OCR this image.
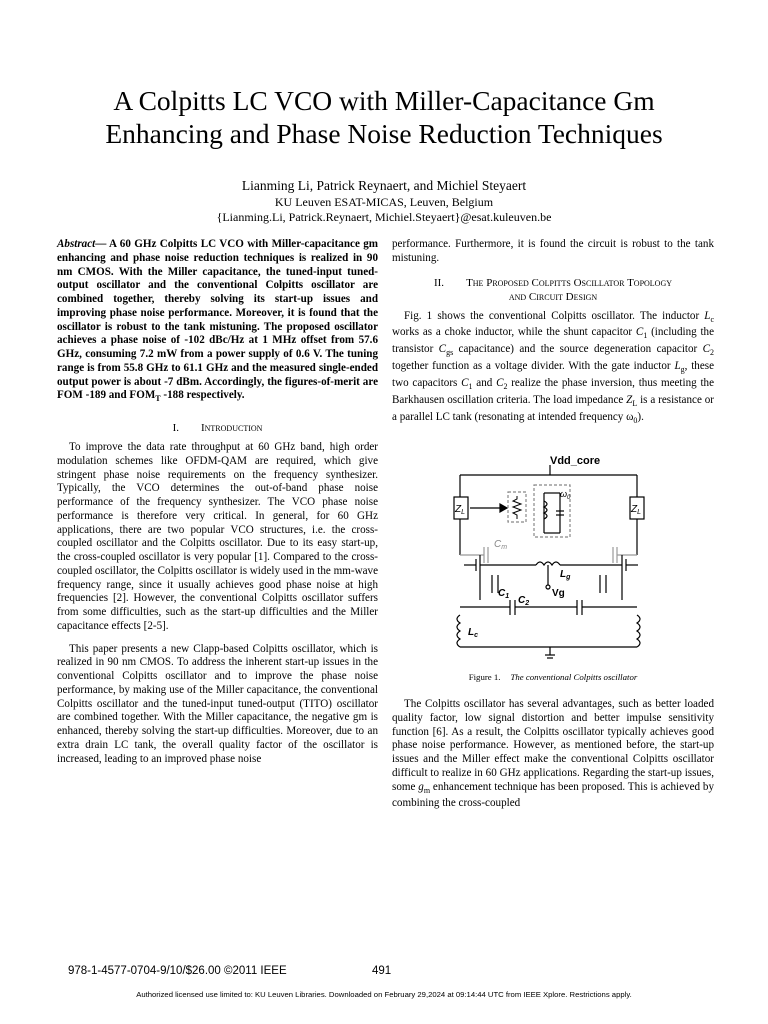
A Colpitts LC VCO with Miller-Capacitance Gm
Enhancing and Phase Noise Reduction Techniques
Lianming Li, Patrick Reynaert, and Michiel Steyaert
KU Leuven ESAT-MICAS, Leuven, Belgium
{Lianming.Li, Patrick.Reynaert, Michiel.Steyaert}@esat.kuleuven.be

Abstract— A 60 GHz Colpitts LC VCO with Miller-capacitance gm enhancing and phase noise reduction techniques is realized in 90 nm CMOS. With the Miller capacitance, the tuned-input tuned-output oscillator and the conventional Colpitts oscillator are combined together, thereby solving its start-up issues and improving phase noise performance. Moreover, it is found that the oscillator is robust to the tank mistuning. The proposed oscillator achieves a phase noise of -102 dBc/Hz at 1 MHz offset from 57.6 GHz, consuming 7.2 mW from a power supply of 0.6 V. The tuning range is from 55.8 GHz to 61.1 GHz and the measured single-ended output power is about -7 dBm. Accordingly, the figures-of-merit are FOM -189 and $FOM_T$ -188 respectively.

I. Introduction

To improve the data rate throughput at 60 GHz band, high order modulation schemes like OFDM-QAM are required, which give stringent phase noise requirements on the frequency synthesizer. Typically, the VCO determines the out-of-band phase noise performance of the frequency synthesizer. The VCO phase noise performance is therefore very critical. In general, for 60 GHz applications, there are two popular VCO structures, i.e. the cross-coupled oscillator and the Colpitts oscillator. Due to its easy start-up, the cross-coupled oscillator is very popular [1]. Compared to the cross-coupled oscillator, the Colpitts oscillator is widely used in the mm-wave frequency range, since it usually achieves good phase noise at high frequencies [2]. However, the conventional Colpitts oscillator suffers from some difficulties, such as the start-up difficulties and the Miller capacitance effects [2-5].

This paper presents a new Clapp-based Colpitts oscillator, which is realized in 90 nm CMOS. To address the inherent start-up issues in the conventional Colpitts oscillator and to improve the phase noise performance, by making use of the Miller capacitance, the conventional Colpitts oscillator and the tuned-input tuned-output (TITO) oscillator are combined together. With the Miller capacitance, the negative gm is enhanced, thereby solving the start-up difficulties. Moreover, due to an extra drain LC tank, the overall quality factor of the oscillator is increased, leading to an improved phase noise

performance. Furthermore, it is found the circuit is robust to the tank mistuning.

II. The Proposed Colpitts Oscillator Topology
and Circuit Design

Fig. 1 shows the conventional Colpitts oscillator. The inductor $L_c$ works as a choke inductor, while the shunt capacitor $C_1$ (including the transistor $C_{gs}$ capacitance) and the source degeneration capacitor $C_2$ together function as a voltage divider. With the gate inductor $L_g$, these two capacitors $C_1$ and $C_2$ realize the phase inversion, thus meeting the Barkhausen oscillation criteria. The load impedance $Z_L$ is a resistance or a parallel LC tank (resonating at intended frequency $\omega_0$).

Vdd_core
$Z_L$	$Z_L$
$\omega_0$
$C_m$
$L_g$
Vg
$C_1$ $C_2$
$L_c$
Figure 1. The conventional Colpitts oscillator

The Colpitts oscillator has several advantages, such as better loaded quality factor, low signal distortion and better impulse sensitivity function [6]. As a result, the Colpitts oscillator typically achieves good phase noise performance. However, as mentioned before, the start-up issues and the Miller effect make the conventional Colpitts oscillator difficult to realize in 60 GHz applications. Regarding the start-up issues, some $g_m$ enhancement technique has been proposed. This is achieved by combining the cross-coupled

978-1-4577-0704-9/10/$26.00 ©2011 IEEE	491
Authorized licensed use limited to: KU Leuven Libraries. Downloaded on February 29,2024 at 09:14:44 UTC from IEEE Xplore. Restrictions apply.
